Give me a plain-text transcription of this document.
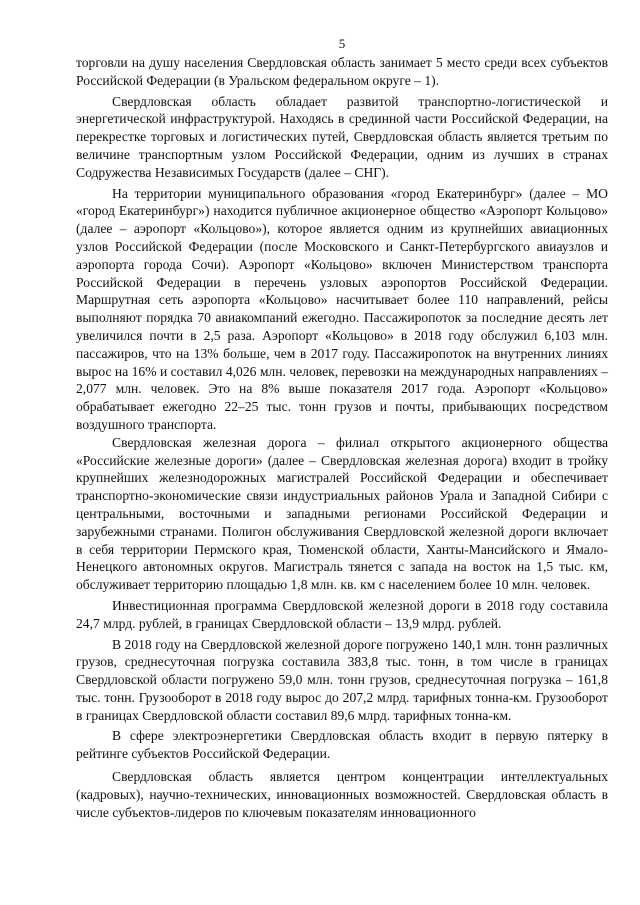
5

торговли на душу населения Свердловская область занимает 5 место среди всех субъектов Российской Федерации (в Уральском федеральном округе – 1).

Свердловская область обладает развитой транспортно-логистической и энергетической инфраструктурой. Находясь в срединной части Российской Федерации, на перекрестке торговых и логистических путей, Свердловская область является третьим по величине транспортным узлом Российской Федерации, одним из лучших в странах Содружества Независимых Государств (далее – СНГ).

На территории муниципального образования «город Екатеринбург» (далее – МО «город Екатеринбург») находится публичное акционерное общество «Аэропорт Кольцово» (далее – аэропорт «Кольцово»), которое является одним из крупнейших авиационных узлов Российской Федерации (после Московского и Санкт-Петербургского авиаузлов и аэропорта города Сочи). Аэропорт «Кольцово» включен Министерством транспорта Российской Федерации в перечень узловых аэропортов Российской Федерации. Маршрутная сеть аэропорта «Кольцово» насчитывает более 110 направлений, рейсы выполняют порядка 70 авиакомпаний ежегодно. Пассажиропоток за последние десять лет увеличился почти в 2,5 раза. Аэропорт «Кольцово» в 2018 году обслужил 6,103 млн. пассажиров, что на 13% больше, чем в 2017 году. Пассажиропоток на внутренних линиях вырос на 16% и составил 4,026 млн. человек, перевозки на международных направлениях – 2,077 млн. человек. Это на 8% выше показателя 2017 года. Аэропорт «Кольцово» обрабатывает ежегодно 22–25 тыс. тонн грузов и почты, прибывающих посредством воздушного транспорта.

Свердловская железная дорога – филиал открытого акционерного общества «Российские железные дороги» (далее – Свердловская железная дорога) входит в тройку крупнейших железнодорожных магистралей Российской Федерации и обеспечивает транспортно-экономические связи индустриальных районов Урала и Западной Сибири с центральными, восточными и западными регионами Российской Федерации и зарубежными странами. Полигон обслуживания Свердловской железной дороги включает в себя территории Пермского края, Тюменской области, Ханты-Мансийского и Ямало-Ненецкого автономных округов. Магистраль тянется с запада на восток на 1,5 тыс. км, обслуживает территорию площадью 1,8 млн. кв. км с населением более 10 млн. человек.

Инвестиционная программа Свердловской железной дороги в 2018 году составила 24,7 млрд. рублей, в границах Свердловской области – 13,9 млрд. рублей.

В 2018 году на Свердловской железной дороге погружено 140,1 млн. тонн различных грузов, среднесуточная погрузка составила 383,8 тыс. тонн, в том числе в границах Свердловской области погружено 59,0 млн. тонн грузов, среднесуточная погрузка – 161,8 тыс. тонн. Грузооборот в 2018 году вырос до 207,2 млрд. тарифных тонна-км. Грузооборот в границах Свердловской области составил 89,6 млрд. тарифных тонна-км.

В сфере электроэнергетики Свердловская область входит в первую пятерку в рейтинге субъектов Российской Федерации.

Свердловская область является центром концентрации интеллектуальных (кадровых), научно-технических, инновационных возможностей. Свердловская область в числе субъектов-лидеров по ключевым показателям инновационного
